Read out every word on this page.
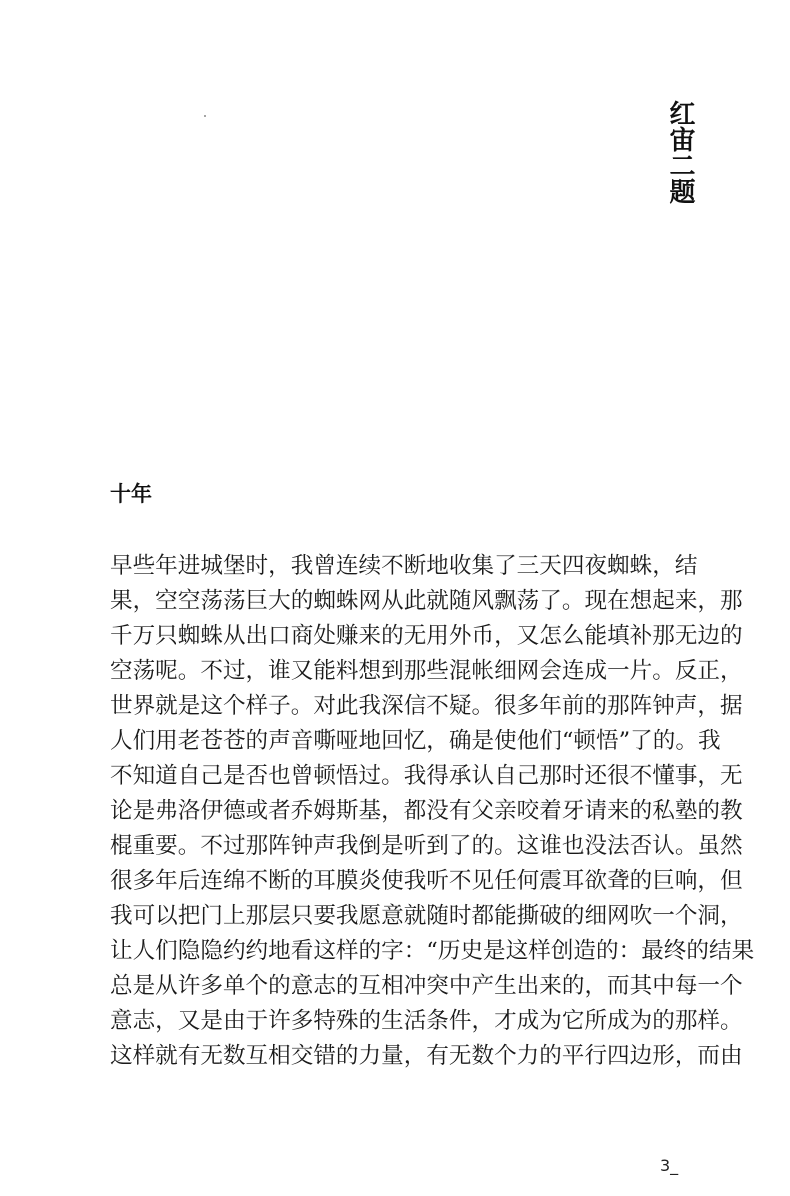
红宙二题
十年
早些年进城堡时，我曾连续不断地收集了三天四夜蜘蛛，结
果，空空荡荡巨大的蜘蛛网从此就随风飘荡了。现在想起来，那
千万只蜘蛛从出口商处赚来的无用外币，又怎么能填补那无边的
空荡呢。不过，谁又能料想到那些混帐细网会连成一片。反正，
世界就是这个样子。对此我深信不疑。很多年前的那阵钟声，据
人们用老苍苍的声音嘶哑地回忆，确是使他们“顿悟”了的。我
不知道自己是否也曾顿悟过。我得承认自己那时还很不懂事，无
论是弗洛伊德或者乔姆斯基，都没有父亲咬着牙请来的私塾的教
棍重要。不过那阵钟声我倒是听到了的。这谁也没法否认。虽然
很多年后连绵不断的耳膜炎使我听不见任何震耳欲聋的巨响，但
我可以把门上那层只要我愿意就随时都能撕破的细网吹一个洞，
让人们隐隐约约地看这样的字：“历史是这样创造的：最终的结果
总是从许多单个的意志的互相冲突中产生出来的，而其中每一个
意志，又是由于许多特殊的生活条件，才成为它所成为的那样。
这样就有无数互相交错的力量，有无数个力的平行四边形，而由
3_
